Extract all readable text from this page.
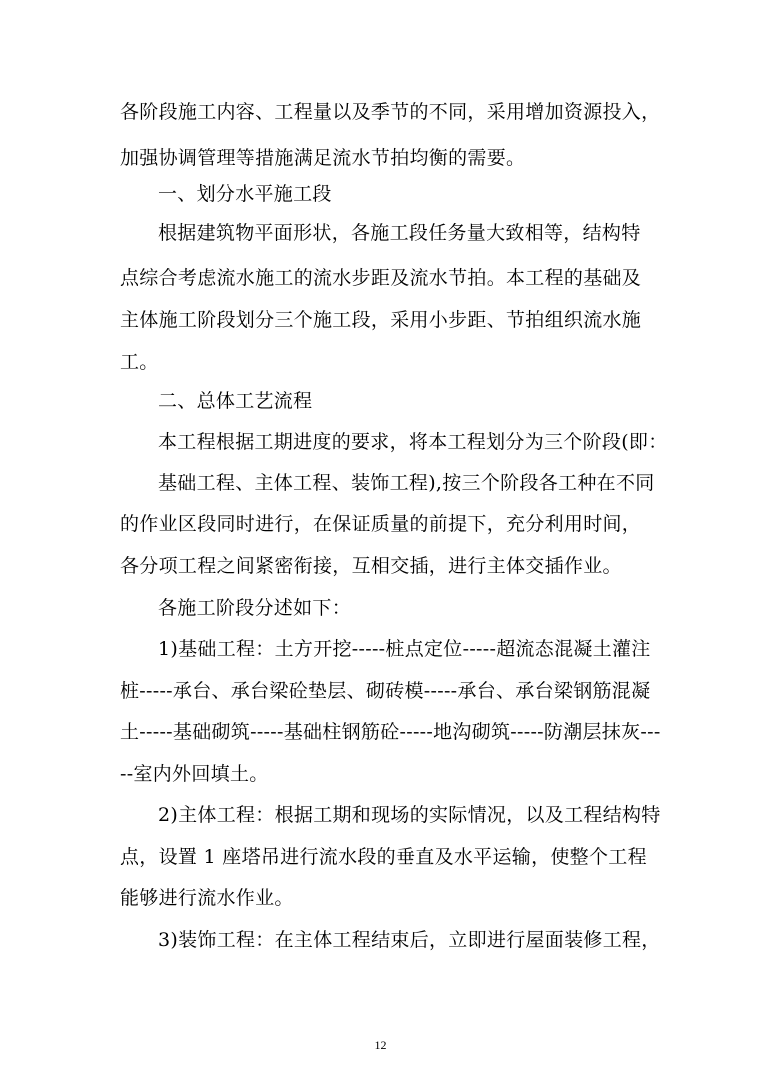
各阶段施工内容、工程量以及季节的不同，采用增加资源投入，
加强协调管理等措施满足流水节拍均衡的需要。
一、划分水平施工段
根据建筑物平面形状，各施工段任务量大致相等，结构特
点综合考虑流水施工的流水步距及流水节拍。本工程的基础及
主体施工阶段划分三个施工段，采用小步距、节拍组织流水施
工。
二、总体工艺流程
本工程根据工期进度的要求，将本工程划分为三个阶段(即：
基础工程、主体工程、装饰工程),按三个阶段各工种在不同
的作业区段同时进行，在保证质量的前提下，充分利用时间，
各分项工程之间紧密衔接，互相交插，进行主体交插作业。
各施工阶段分述如下：
1)基础工程：土方开挖-----桩点定位-----超流态混凝土灌注
桩-----承台、承台梁砼垫层、砌砖模-----承台、承台梁钢筋混凝
土-----基础砌筑-----基础柱钢筋砼-----地沟砌筑-----防潮层抹灰---
--室内外回填土。
2)主体工程：根据工期和现场的实际情况，以及工程结构特
点，设置 1 座塔吊进行流水段的垂直及水平运输，使整个工程
能够进行流水作业。
3)装饰工程：在主体工程结束后，立即进行屋面装修工程，
12
